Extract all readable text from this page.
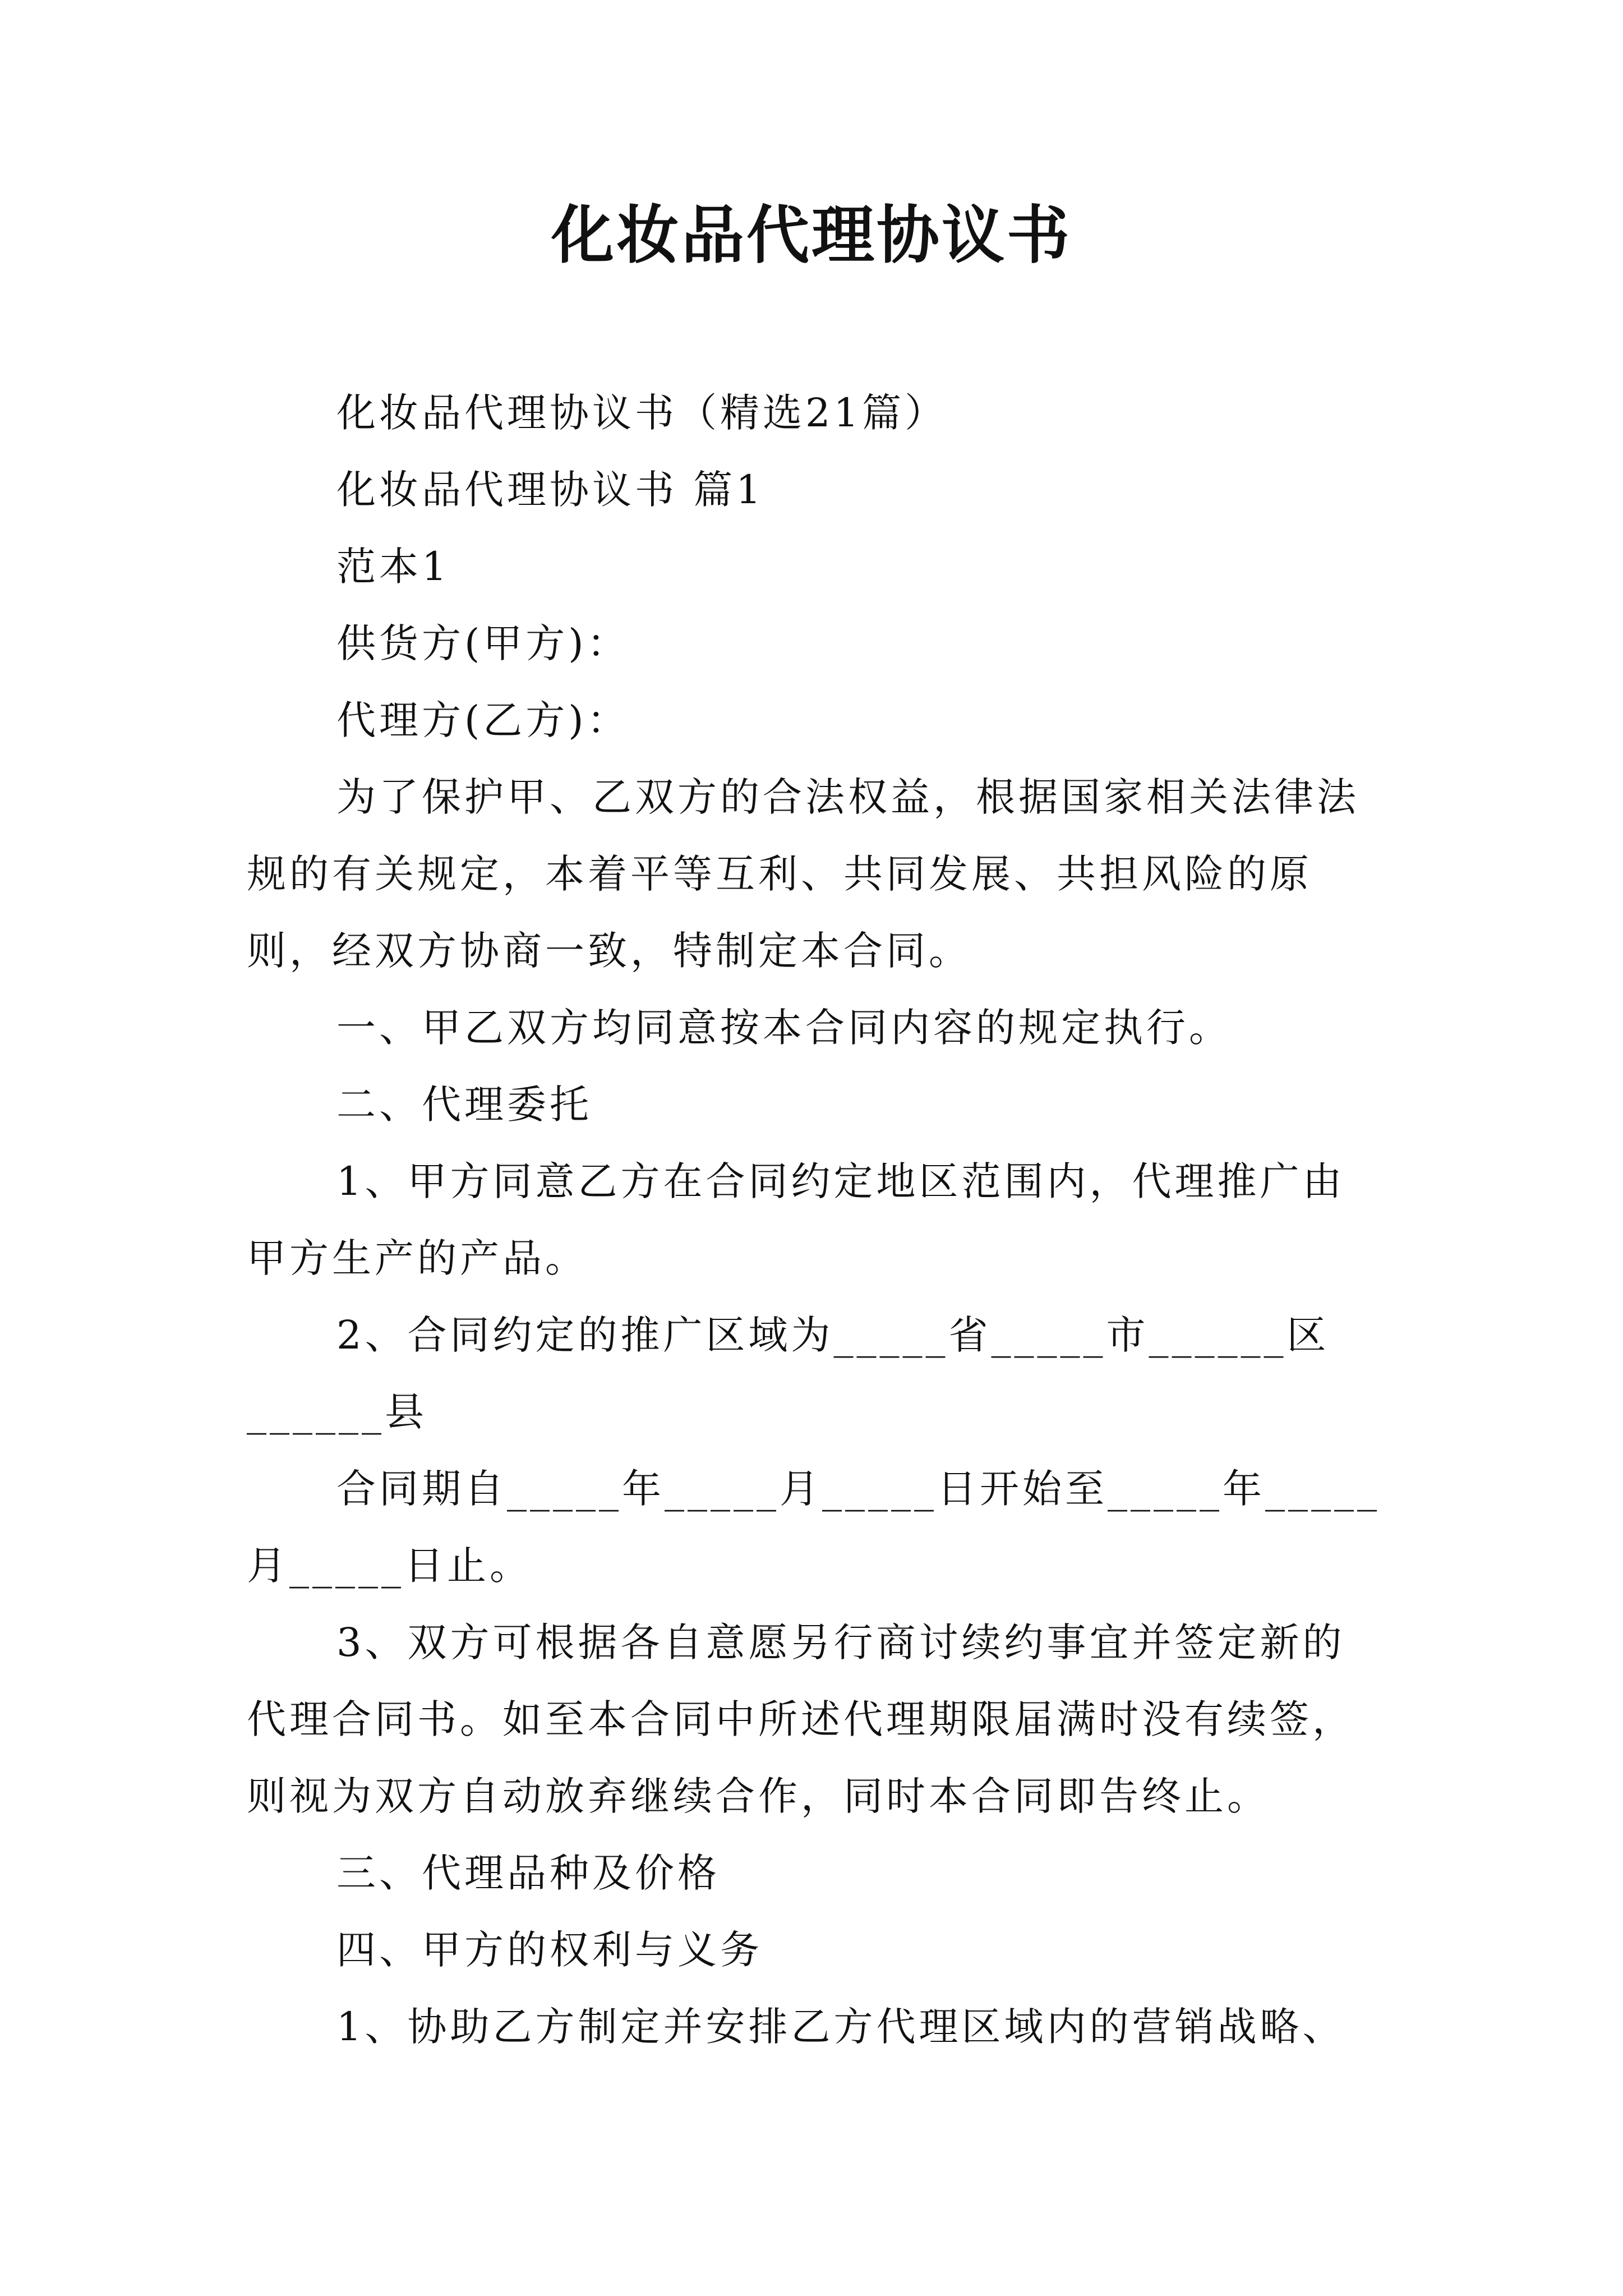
化妆品代理协议书

化妆品代理协议书（精选21篇）

化妆品代理协议书 篇1

范本1

供货方(甲方)：

代理方(乙方)：

为了保护甲、乙双方的合法权益，根据国家相关法律法规的有关规定，本着平等互利、共同发展、共担风险的原则，经双方协商一致，特制定本合同。

一、甲乙双方均同意按本合同内容的规定执行。

二、代理委托

1、甲方同意乙方在合同约定地区范围内，代理推广由甲方生产的产品。

2、合同约定的推广区域为_____省_____市______区______县

合同期自_____年_____月_____日开始至_____年_____月_____日止。

3、双方可根据各自意愿另行商讨续约事宜并签定新的代理合同书。如至本合同中所述代理期限届满时没有续签，则视为双方自动放弃继续合作，同时本合同即告终止。

三、代理品种及价格

四、甲方的权利与义务

1、协助乙方制定并安排乙方代理区域内的营销战略、
